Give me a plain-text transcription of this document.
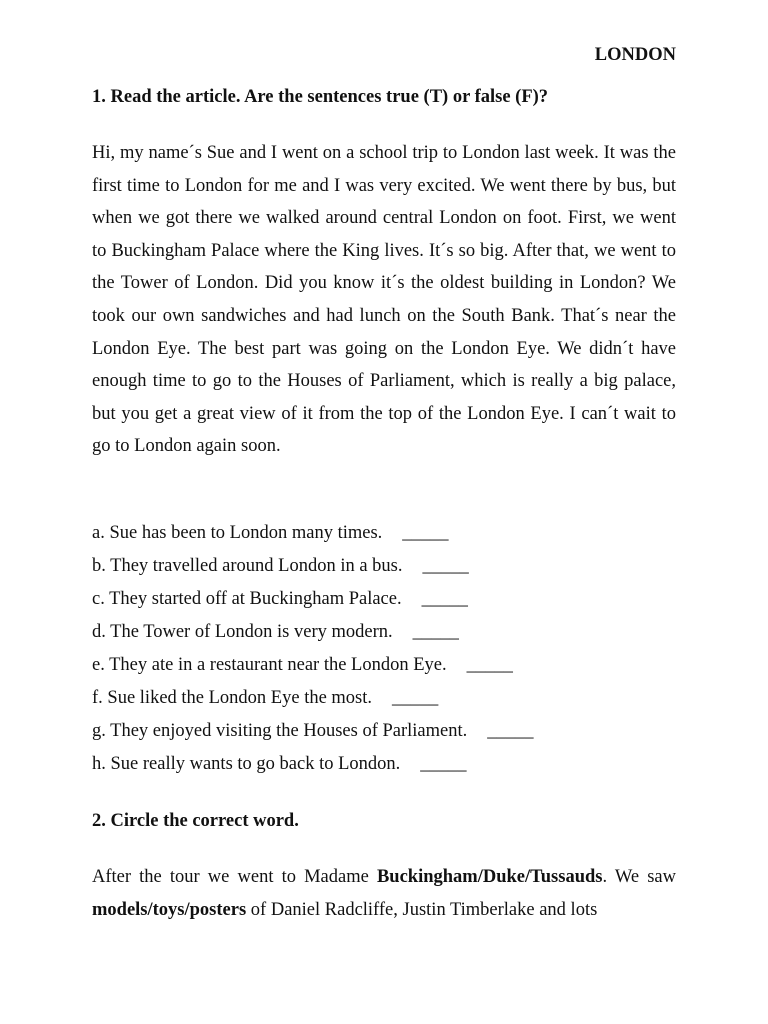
LONDON
1. Read the article. Are the sentences true (T) or false (F)?

Hi, my name´s Sue and I went on a school trip to London last week. It was the first time to London for me and I was very excited. We went there by bus, but when we got there we walked around central London on foot. First, we went to Buckingham Palace where the King lives. It´s so big. After that, we went to the Tower of London. Did you know it´s the oldest building in London? We took our own sandwiches and had lunch on the South Bank. That´s near the London Eye. The best part was going on the London Eye. We didn´t have enough time to go to the Houses of Parliament, which is really a big palace, but you get a great view of it from the top of the London Eye. I can´t wait to go to London again soon.

a. Sue has been to London many times. _____
b. They travelled around London in a bus. _____
c. They started off at Buckingham Palace. _____
d. The Tower of London is very modern. _____
e. They ate in a restaurant near the London Eye. _____
f. Sue liked the London Eye the most. _____
g. They enjoyed visiting the Houses of Parliament. _____
h. Sue really wants to go back to London. _____
2. Circle the correct word.

After the tour we went to Madame Buckingham/Duke/Tussauds. We saw models/toys/posters of Daniel Radcliffe, Justin Timberlake and lots
